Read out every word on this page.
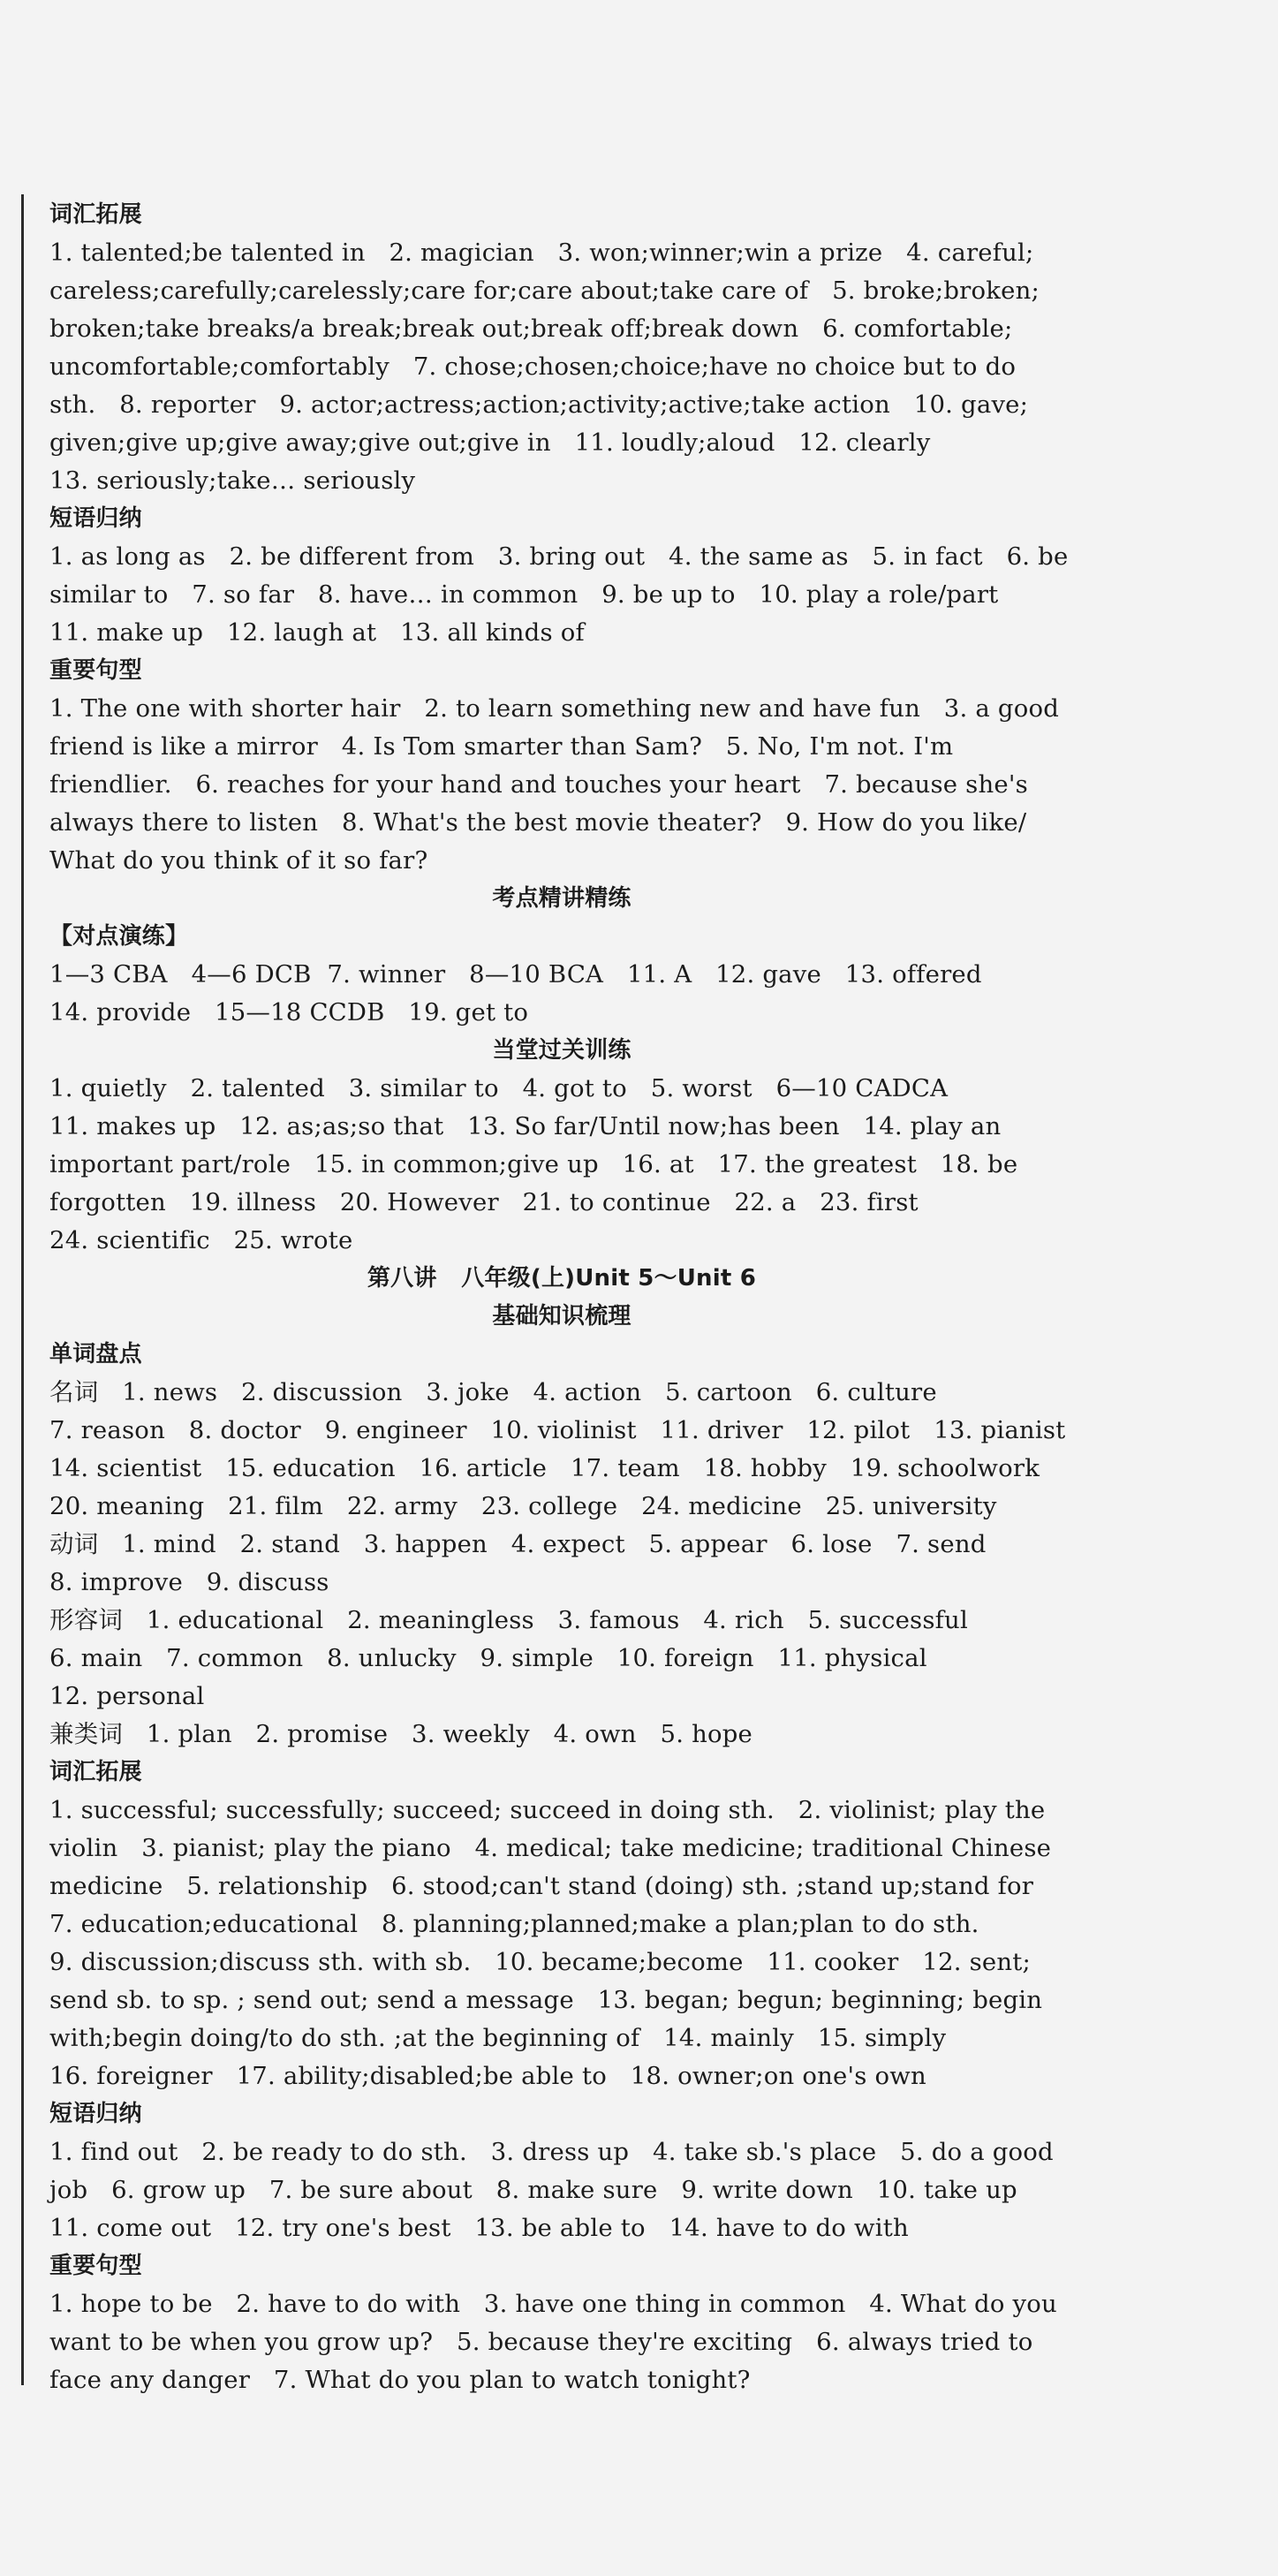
词汇拓展
1. talented;be talented in   2. magician   3. won;winner;win a prize   4. careful;
careless;carefully;carelessly;care for;care about;take care of   5. broke;broken;
broken;take breaks/a break;break out;break off;break down   6. comfortable;
uncomfortable;comfortably   7. chose;chosen;choice;have no choice but to do
sth.   8. reporter   9. actor;actress;action;activity;active;take action   10. gave;
given;give up;give away;give out;give in   11. loudly;aloud   12. clearly
13. seriously;take… seriously
短语归纳
1. as long as   2. be different from   3. bring out   4. the same as   5. in fact   6. be
similar to   7. so far   8. have… in common   9. be up to   10. play a role/part
11. make up   12. laugh at   13. all kinds of
重要句型
1. The one with shorter hair   2. to learn something new and have fun   3. a good
friend is like a mirror   4. Is Tom smarter than Sam?   5. No, I'm not. I'm
friendlier.   6. reaches for your hand and touches your heart   7. because she's
always there to listen   8. What's the best movie theater?   9. How do you like/
What do you think of it so far?
考点精讲精练
【对点演练】
1—3 CBA   4—6 DCB  7. winner   8—10 BCA   11. A   12. gave   13. offered
14. provide   15—18 CCDB   19. get to
当堂过关训练
1. quietly   2. talented   3. similar to   4. got to   5. worst   6—10 CADCA
11. makes up   12. as;as;so that   13. So far/Until now;has been   14. play an
important part/role   15. in common;give up   16. at   17. the greatest   18. be
forgotten   19. illness   20. However   21. to continue   22. a   23. first
24. scientific   25. wrote
第八讲   八年级(上)Unit 5～Unit 6
基础知识梳理
单词盘点
名词   1. news   2. discussion   3. joke   4. action   5. cartoon   6. culture
7. reason   8. doctor   9. engineer   10. violinist   11. driver   12. pilot   13. pianist
14. scientist   15. education   16. article   17. team   18. hobby   19. schoolwork
20. meaning   21. film   22. army   23. college   24. medicine   25. university
动词   1. mind   2. stand   3. happen   4. expect   5. appear   6. lose   7. send
8. improve   9. discuss
形容词   1. educational   2. meaningless   3. famous   4. rich   5. successful
6. main   7. common   8. unlucky   9. simple   10. foreign   11. physical
12. personal
兼类词   1. plan   2. promise   3. weekly   4. own   5. hope
词汇拓展
1. successful; successfully; succeed; succeed in doing sth.   2. violinist; play the
violin   3. pianist; play the piano   4. medical; take medicine; traditional Chinese
medicine   5. relationship   6. stood;can't stand (doing) sth. ;stand up;stand for
7. education;educational   8. planning;planned;make a plan;plan to do sth.
9. discussion;discuss sth. with sb.   10. became;become   11. cooker   12. sent;
send sb. to sp. ; send out; send a message   13. began; begun; beginning; begin
with;begin doing/to do sth. ;at the beginning of   14. mainly   15. simply
16. foreigner   17. ability;disabled;be able to   18. owner;on one's own
短语归纳
1. find out   2. be ready to do sth.   3. dress up   4. take sb.'s place   5. do a good
job   6. grow up   7. be sure about   8. make sure   9. write down   10. take up
11. come out   12. try one's best   13. be able to   14. have to do with
重要句型
1. hope to be   2. have to do with   3. have one thing in common   4. What do you
want to be when you grow up?   5. because they're exciting   6. always tried to
face any danger   7. What do you plan to watch tonight?
